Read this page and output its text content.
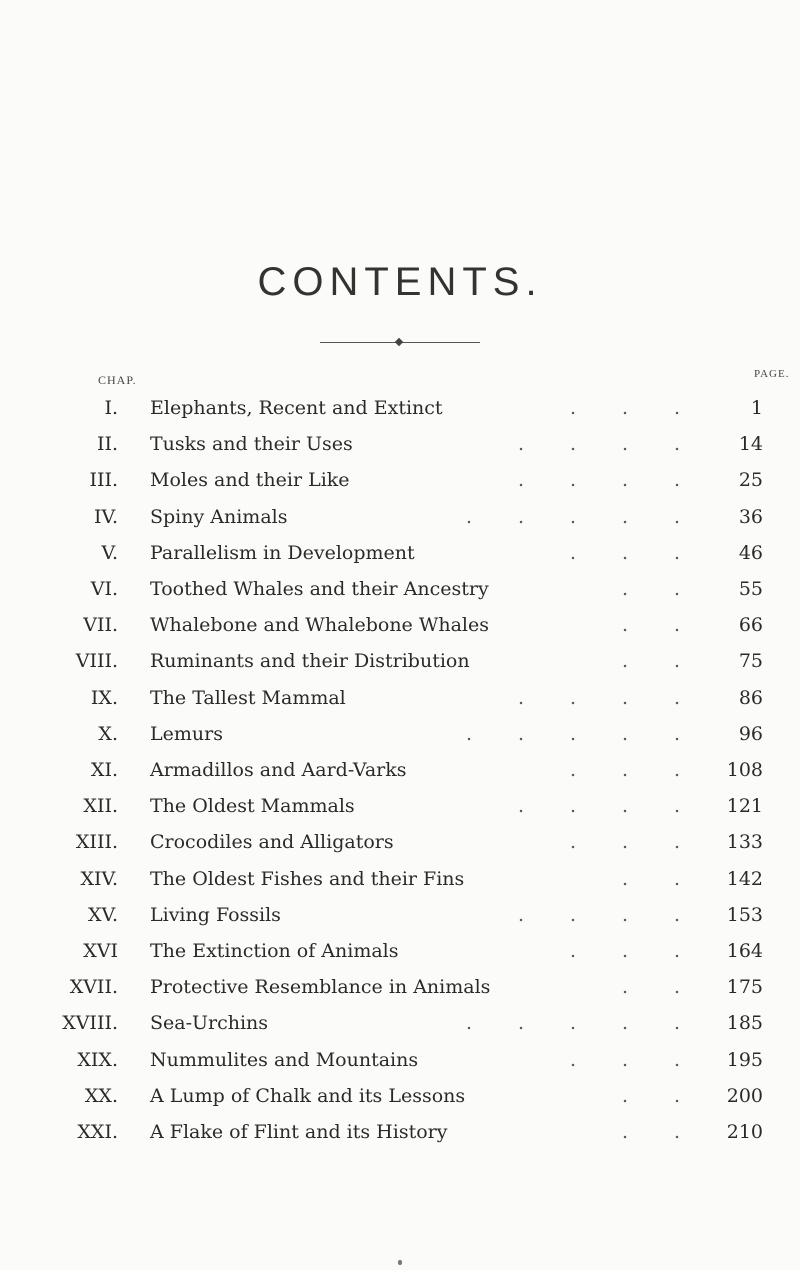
CONTENTS.
CHAP.	PAGE.
I. Elephants, Recent and Extinct	. . .	1
II. Tusks and their Uses	. . . .	14
III. Moles and their Like	. . . .	25
IV. Spiny Animals	. . . . .	36
V. Parallelism in Development	. . .	46
VI. Toothed Whales and their Ancestry	. .	55
VII. Whalebone and Whalebone Whales	. .	66
VIII. Ruminants and their Distribution	. .	75
IX. The Tallest Mammal	. . . .	86
X. Lemurs	. . . . .	96
XI. Armadillos and Aard-Varks	. . . 108
XII. The Oldest Mammals	. . . . 121
XIII. Crocodiles and Alligators	. . . 133
XIV. The Oldest Fishes and their Fins	. . 142
XV. Living Fossils	. . . . 153
XVI The Extinction of Animals	. . . 164
XVII. Protective Resemblance in Animals	. . 175
XVIII. Sea-Urchins	. . . . . 185
XIX. Nummulites and Mountains	. . . 195
XX. A Lump of Chalk and its Lessons	. . 200
XXI. A Flake of Flint and its History	. . 210
